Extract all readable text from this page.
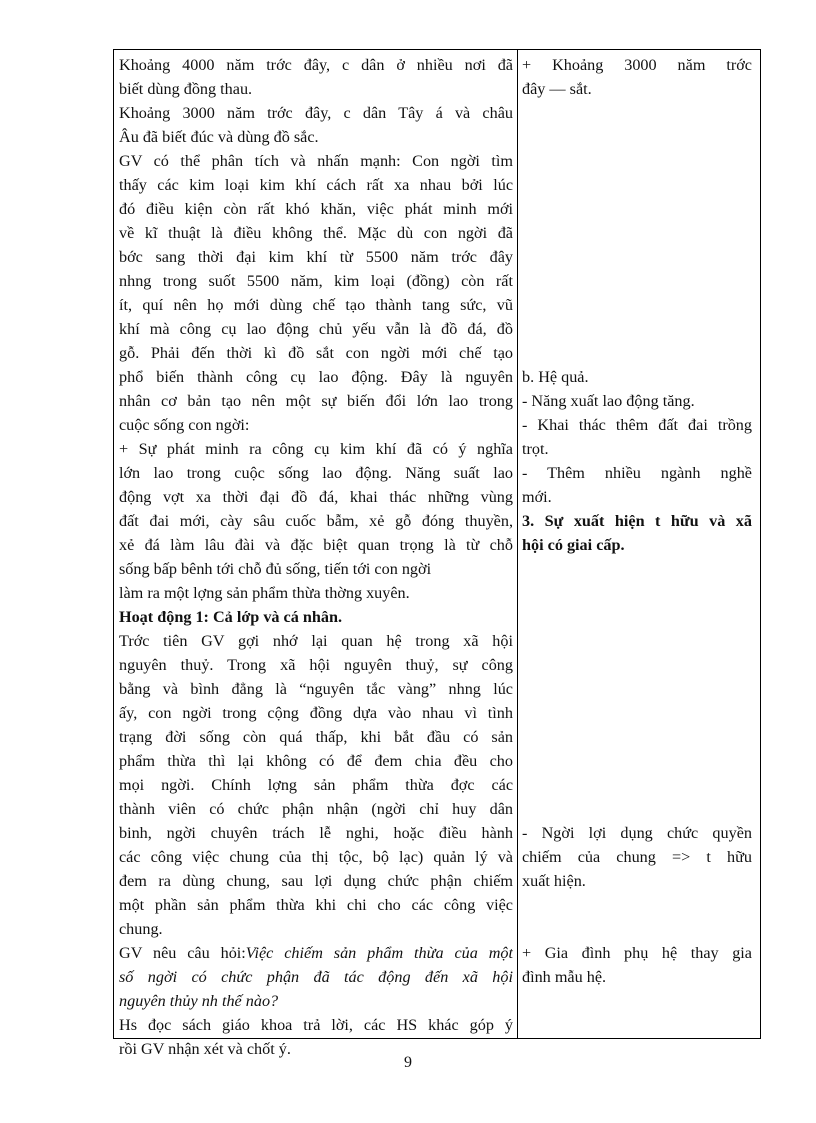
Khoảng 4000 năm trớc đây, c dân ở nhiều nơi đã
biết dùng đồng thau.
Khoảng 3000 năm trớc đây, c dân Tây á và châu
Âu đã biết đúc và dùng đồ sắc.
GV có thể phân tích và nhấn mạnh: Con ngời tìm
thấy các kim loại kim khí cách rất xa nhau bởi lúc
đó điều kiện còn rất khó khăn, việc phát minh mới
về kĩ thuật là điều không thể. Mặc dù con ngời đã
bớc sang thời đại kim khí từ 5500 năm trớc đây
nhng trong suốt 5500 năm, kim loại (đồng) còn rất
ít, quí nên họ mới dùng chế tạo thành tang sức, vũ
khí mà công cụ lao động chủ yếu vẫn là đồ đá, đồ
gỗ. Phải đến thời kì đồ sắt con ngời mới chế tạo
phổ biến thành công cụ lao động. Đây là nguyên
nhân cơ bản tạo nên một sự biến đổi lớn lao trong
cuộc sống con ngời:
+ Sự phát minh ra công cụ kim khí đã có ý nghĩa
lớn lao trong cuộc sống lao động. Năng suất lao
động vợt xa thời đại đồ đá, khai thác những vùng
đất đai mới, cày sâu cuốc bẫm, xẻ gỗ đóng thuyền,
xẻ đá làm lâu đài và đặc biệt quan trọng là từ chỗ
sống bấp bênh tới chỗ đủ sống, tiến tới con ngời
làm ra một lợng sản phẩm thừa thờng xuyên.
Hoạt động 1: Cả lớp và cá nhân.
Trớc tiên GV gợi nhớ lại quan hệ trong xã hội
nguyên thuỷ. Trong xã hội nguyên thuỷ, sự công
bằng và bình đẳng là “nguyên tắc vàng” nhng lúc
ấy, con ngời trong cộng đồng dựa vào nhau vì tình
trạng đời sống còn quá thấp, khi bắt đầu có sản
phẩm thừa thì lại không có để đem chia đều cho
mọi ngời. Chính lợng sản phẩm thừa đợc các
thành viên có chức phận nhận (ngời chỉ huy dân
binh, ngời chuyên trách lễ nghi, hoặc điều hành
các công việc chung của thị tộc, bộ lạc) quản lý và
đem ra dùng chung, sau lợi dụng chức phận chiếm
một phần sản phẩm thừa khi chi cho các công việc
chung.
GV nêu câu hỏi:Việc chiếm sản phẩm thừa của một
số ngời có chức phận đã tác động đến xã hội
nguyên thủy nh thế nào?
Hs đọc sách giáo khoa trả lời, các HS khác góp ý
rồi GV nhận xét và chốt ý.
+ Khoảng 3000 năm trớc
đây — sắt.
b. Hệ quả.
- Năng xuất lao động tăng.
- Khai thác thêm đất đai trồng
trọt.
- Thêm nhiều ngành nghề
mới.
3. Sự xuất hiện t hữu và xã
hội có giai cấp.
- Ngời lợi dụng chức quyền
chiếm của chung => t hữu
xuất hiện.
+ Gia đình phụ hệ thay gia
đình mẫu hệ.
9
